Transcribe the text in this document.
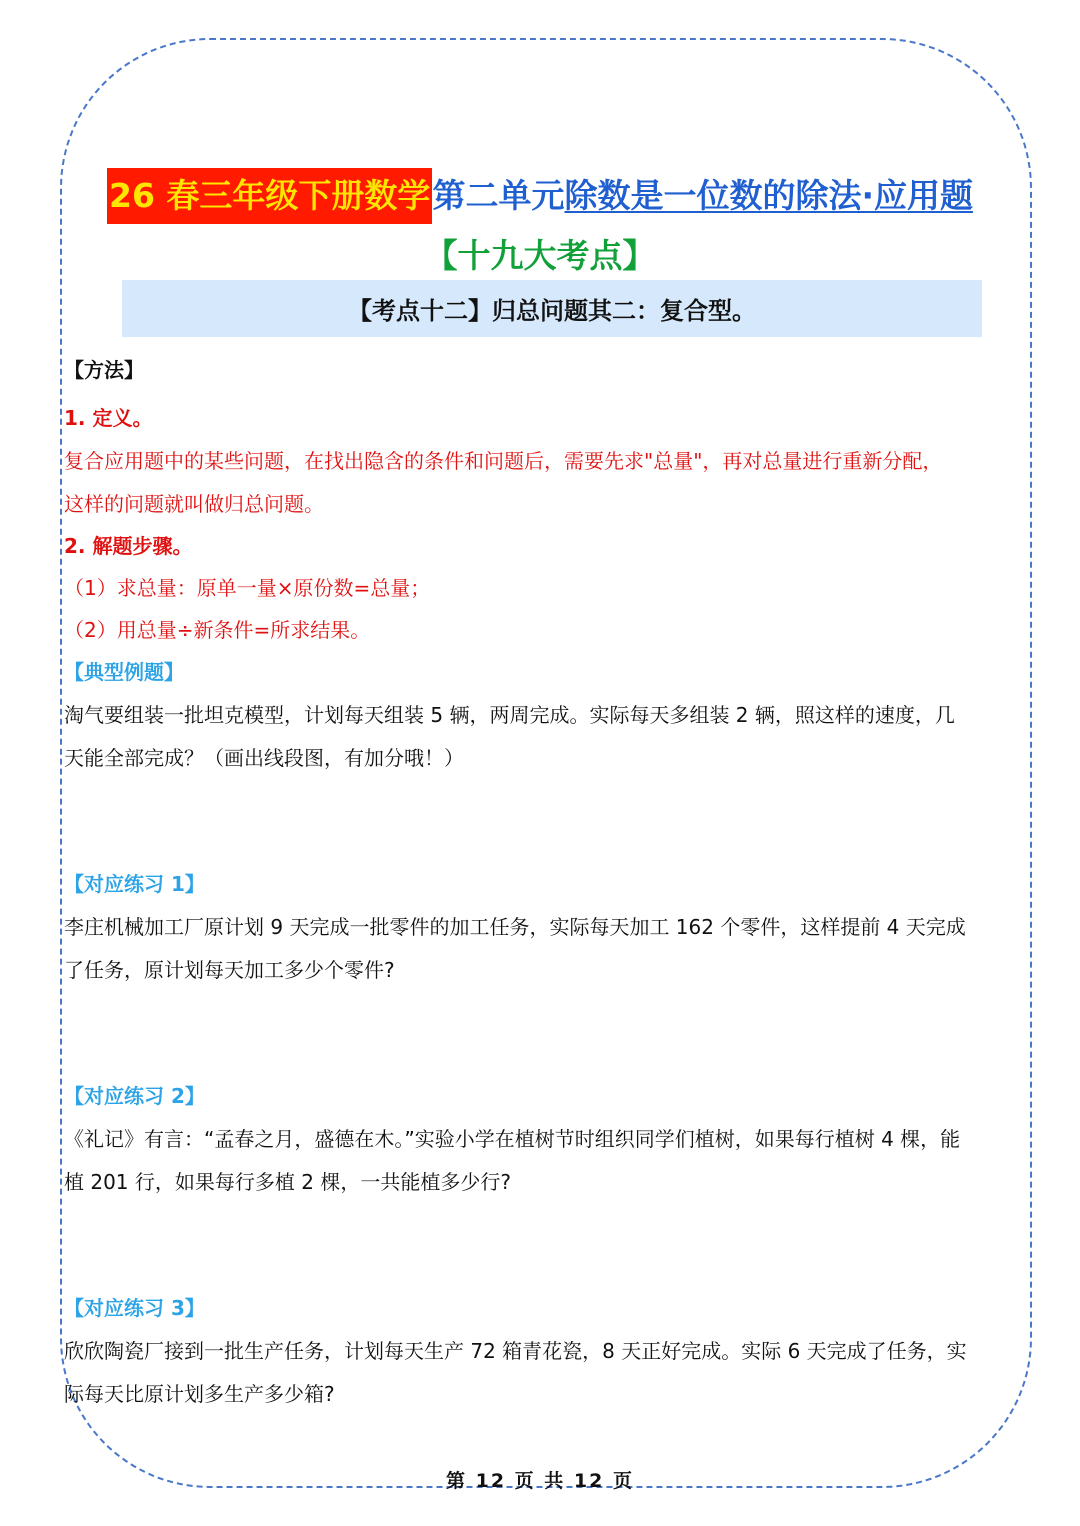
26 春三年级下册数学 第二单元 除数是一位数的除法·应用题
【十九大考点】
【考点十二】归总问题其二：复合型。
【方法】
1. 定义。
复合应用题中的某些问题，在找出隐含的条件和问题后，需要先求"总量"，再对总量进行重新分配，
这样的问题就叫做归总问题。
2. 解题步骤。
（1）求总量：原单一量×原份数=总量；
（2）用总量÷新条件=所求结果。
【典型例题】
淘气要组装一批坦克模型，计划每天组装 5 辆，两周完成。实际每天多组装 2 辆，照这样的速度，几
天能全部完成？（画出线段图，有加分哦！）
【对应练习 1】
李庄机械加工厂原计划 9 天完成一批零件的加工任务，实际每天加工 162 个零件，这样提前 4 天完成
了任务，原计划每天加工多少个零件?
【对应练习 2】
《礼记》有言：“孟春之月，盛德在木。”实验小学在植树节时组织同学们植树，如果每行植树 4 棵，能
植 201 行，如果每行多植 2 棵，一共能植多少行?
【对应练习 3】
欣欣陶瓷厂接到一批生产任务，计划每天生产 72 箱青花瓷，8 天正好完成。实际 6 天完成了任务，实
际每天比原计划多生产多少箱?
第 12 页 共 12 页
